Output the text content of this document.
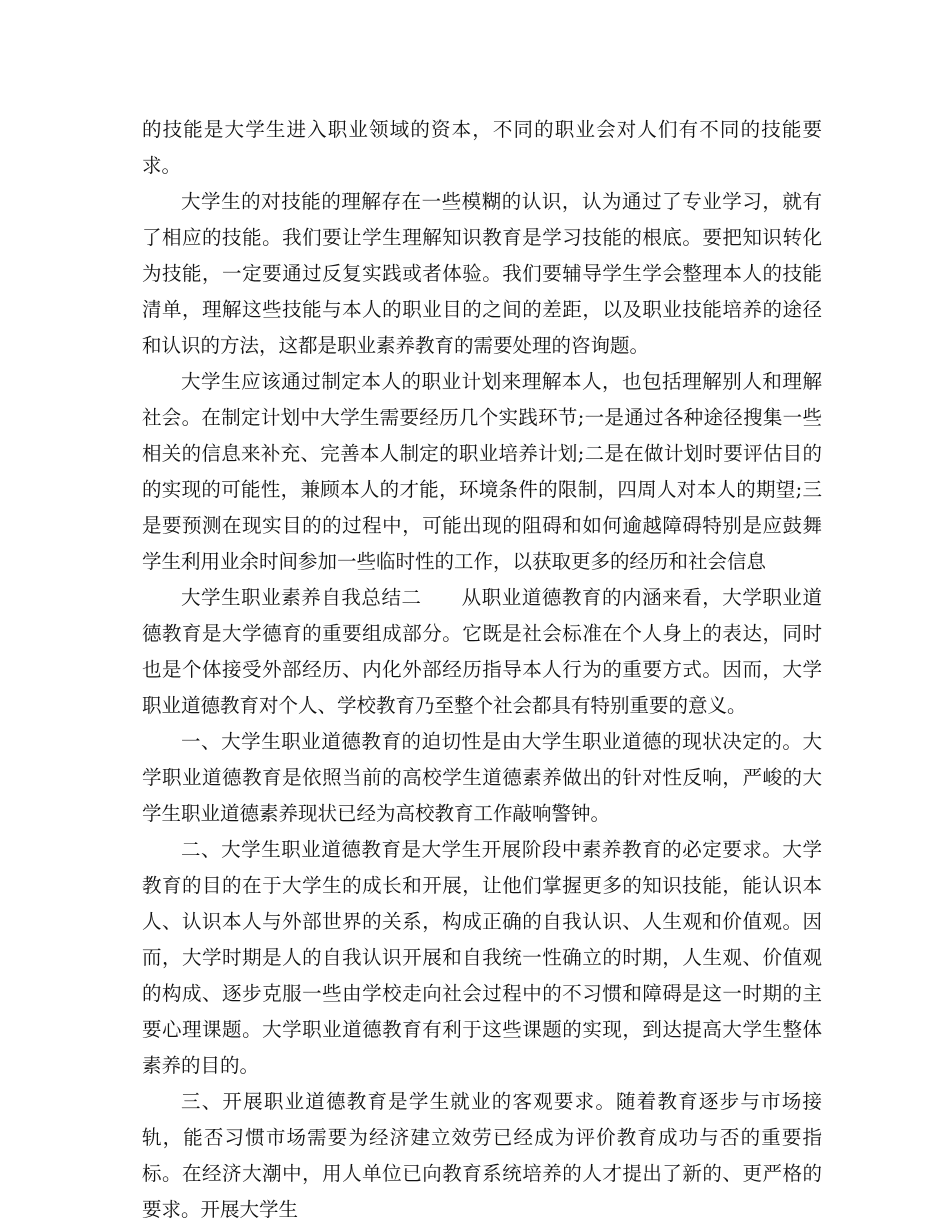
的技能是大学生进入职业领域的资本，不同的职业会对人们有不同的技能要求。

大学生的对技能的理解存在一些模糊的认识，认为通过了专业学习，就有了相应的技能。我们要让学生理解知识教育是学习技能的根底。要把知识转化为技能，一定要通过反复实践或者体验。我们要辅导学生学会整理本人的技能清单，理解这些技能与本人的职业目的之间的差距，以及职业技能培养的途径和认识的方法，这都是职业素养教育的需要处理的咨询题。

大学生应该通过制定本人的职业计划来理解本人，也包括理解别人和理解社会。在制定计划中大学生需要经历几个实践环节;一是通过各种途径搜集一些相关的信息来补充、完善本人制定的职业培养计划;二是在做计划时要评估目的的实现的可能性，兼顾本人的才能，环境条件的限制，四周人对本人的期望;三是要预测在现实目的的过程中，可能出现的阻碍和如何逾越障碍特别是应鼓舞学生利用业余时间参加一些临时性的工作，以获取更多的经历和社会信息

大学生职业素养自我总结二　　从职业道德教育的内涵来看，大学职业道德教育是大学德育的重要组成部分。它既是社会标准在个人身上的表达，同时也是个体接受外部经历、内化外部经历指导本人行为的重要方式。因而，大学职业道德教育对个人、学校教育乃至整个社会都具有特别重要的意义。

一、大学生职业道德教育的迫切性是由大学生职业道德的现状决定的。大学职业道德教育是依照当前的高校学生道德素养做出的针对性反响，严峻的大学生职业道德素养现状已经为高校教育工作敲响警钟。

二、大学生职业道德教育是大学生开展阶段中素养教育的必定要求。大学教育的目的在于大学生的成长和开展，让他们掌握更多的知识技能，能认识本人、认识本人与外部世界的关系，构成正确的自我认识、人生观和价值观。因而，大学时期是人的自我认识开展和自我统一性确立的时期，人生观、价值观的构成、逐步克服一些由学校走向社会过程中的不习惯和障碍是这一时期的主要心理课题。大学职业道德教育有利于这些课题的实现，到达提高大学生整体素养的目的。

三、开展职业道德教育是学生就业的客观要求。随着教育逐步与市场接轨，能否习惯市场需要为经济建立效劳已经成为评价教育成功与否的重要指标。在经济大潮中，用人单位已向教育系统培养的人才提出了新的、更严格的要求。开展大学生
